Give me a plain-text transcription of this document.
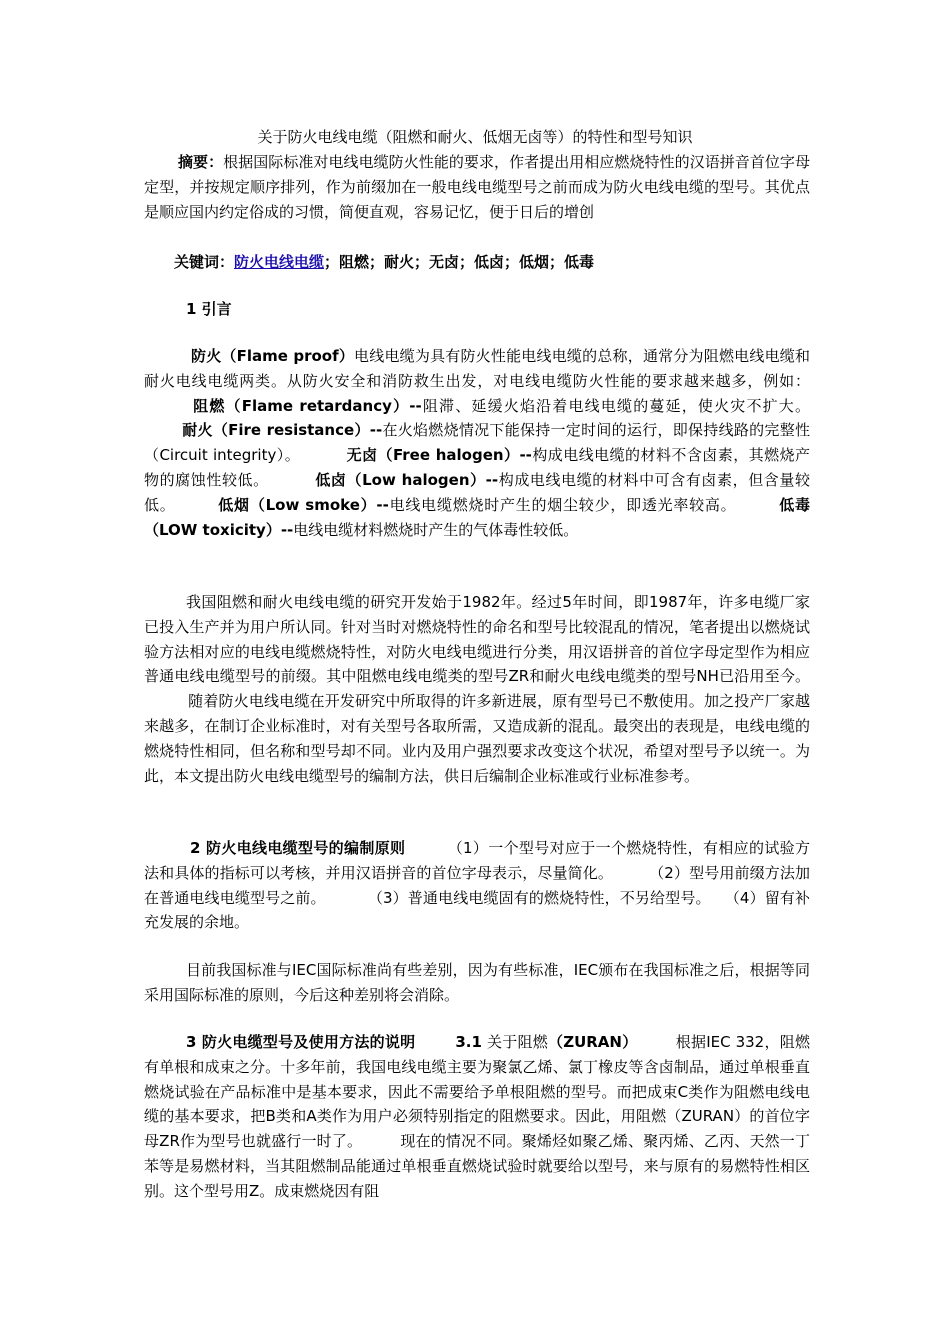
关于防火电线电缆（阻燃和耐火、低烟无卤等）的特性和型号知识
摘要：根据国际标准对电线电缆防火性能的要求，作者提出用相应燃烧特性的汉语拼音首位字母定型，并按规定顺序排列，作为前缀加在一般电线电缆型号之前而成为防火电线电缆的型号。其优点是顺应国内约定俗成的习惯，简便直观，容易记忆，便于日后的增创
关键词：防火电线电缆；阻燃；耐火；无卤；低卤；低烟；低毒
1 引言
防火（Flame proof）电线电缆为具有防火性能电线电缆的总称，通常分为阻燃电线电缆和耐火电线电缆两类。从防火安全和消防救生出发，对电线电缆防火性能的要求越来越多，例如：阻燃（Flame retardancy）--阻滞、延缓火焰沿着电线电缆的蔓延，使火灾不扩大。耐火（Fire resistance）--在火焰燃烧情况下能保持一定时间的运行，即保持线路的完整性（Circuit integrity）。	无卤（Free halogen）--构成电线电缆的材料不含卤素，其燃烧产物的腐蚀性较低。	低卤（Low halogen）--构成电线电缆的材料中可含有卤素，但含量较低。	低烟（Low smoke）--电线电缆燃烧时产生的烟尘较少，即透光率较高。	低毒（LOW toxicity）--电线电缆材料燃烧时产生的气体毒性较低。
我国阻燃和耐火电线电缆的研究开发始于1982年。经过5年时间，即1987年，许多电缆厂家已投入生产并为用户所认同。针对当时对燃烧特性的命名和型号比较混乱的情况，笔者提出以燃烧试验方法相对应的电线电缆燃烧特性，对防火电线电缆进行分类，用汉语拼音的首位字母定型作为相应普通电线电缆型号的前缀。其中阻燃电线电缆类的型号ZR和耐火电线电缆类的型号NH已沿用至今。随着防火电线电缆在开发研究中所取得的许多新进展，原有型号已不敷使用。加之投产厂家越来越多，在制订企业标准时，对有关型号各取所需，又造成新的混乱。最突出的表现是，电线电缆的燃烧特性相同，但名称和型号却不同。业内及用户强烈要求改变这个状况，希望对型号予以统一。为此，本文提出防火电线电缆型号的编制方法，供日后编制企业标准或行业标准参考。
2 防火电线电缆型号的编制原则	（1）一个型号对应于一个燃烧特性，有相应的试验方法和具体的指标可以考核，并用汉语拼音的首位字母表示，尽量简化。 （2）型号用前缀方法加在普通电线电缆型号之前。	（3）普通电线电缆固有的燃烧特性，不另给型号。 （4）留有补充发展的余地。
目前我国标准与IEC国际标准尚有些差别，因为有些标准，IEC颁布在我国标准之后，根据等同采用国际标准的原则，今后这种差别将会消除。
3 防火电缆型号及使用方法的说明	3.1 关于阻燃（ZURAN）	根据IEC 332，阻燃有单根和成束之分。十多年前，我国电线电缆主要为聚氯乙烯、氯丁橡皮等含卤制品，通过单根垂直燃烧试验在产品标准中是基本要求，因此不需要给予单根阻燃的型号。而把成束C类作为阻燃电线电缆的基本要求，把B类和A类作为用户必须特别指定的阻燃要求。因此，用阻燃（ZURAN）的首位字母ZR作为型号也就盛行一时了。	现在的情况不同。聚烯烃如聚乙烯、聚丙烯、乙丙、天然一丁苯等是易燃材料，当其阻燃制品能通过单根垂直燃烧试验时就要给以型号，来与原有的易燃特性相区别。这个型号用Z。成束燃烧因有阻
